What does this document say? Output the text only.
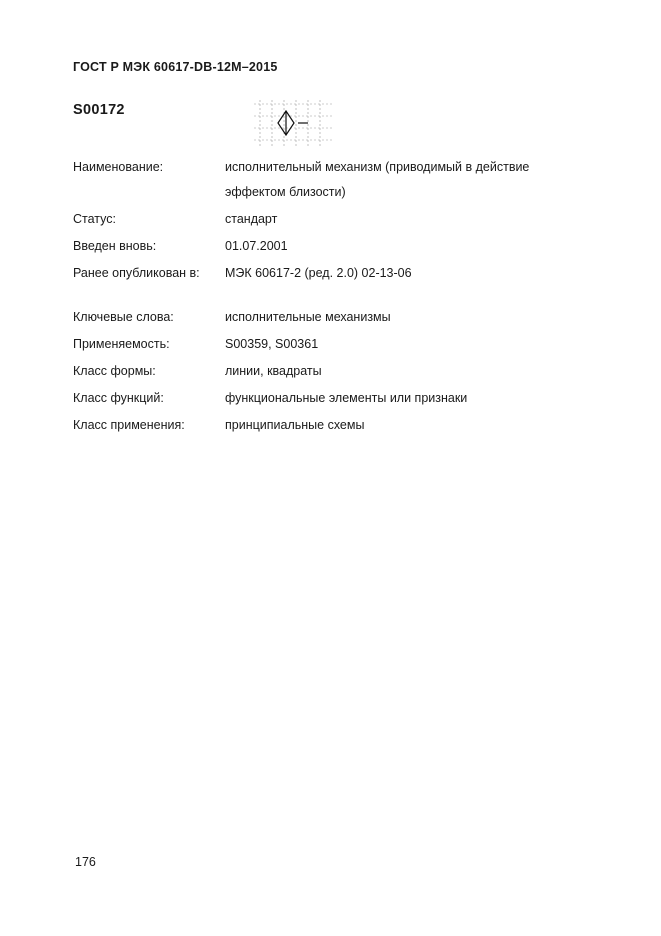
ГОСТ Р МЭК 60617-DB-12M–2015
S00172
Наименование:	исполнительный механизм (приводимый в действие эффектом близости)
Статус:	стандарт
Введен вновь:	01.07.2001
Ранее опубликован в:	МЭК 60617-2 (ред. 2.0) 02-13-06
Ключевые слова:	исполнительные механизмы
Применяемость:	S00359, S00361
Класс формы:	линии, квадраты
Класс функций:	функциональные элементы или признаки
Класс применения:	принципиальные схемы
176
